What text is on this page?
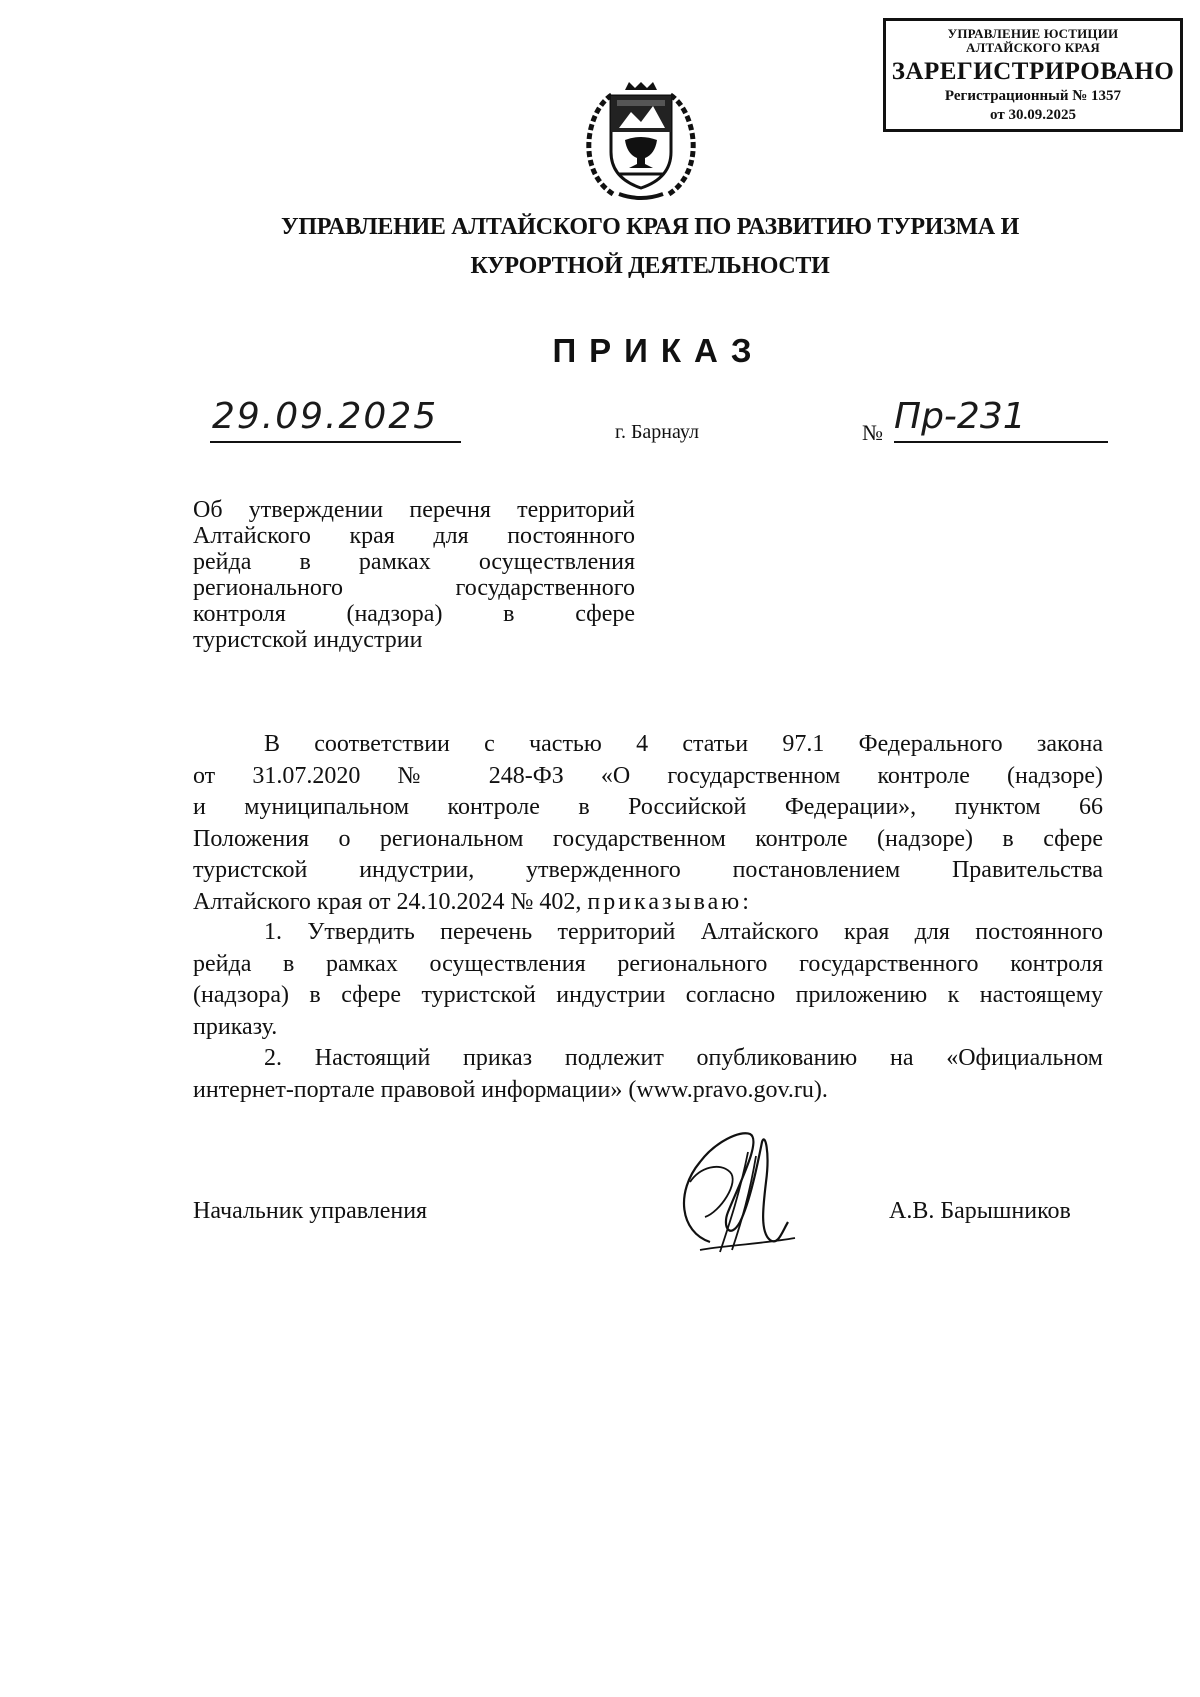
УПРАВЛЕНИЕ ЮСТИЦИИ
АЛТАЙСКОГО КРАЯ
ЗАРЕГИСТРИРОВАНО
Регистрационный № 1357
от 30.09.2025
УПРАВЛЕНИЕ АЛТАЙСКОГО КРАЯ ПО РАЗВИТИЮ ТУРИЗМА И
КУРОРТНОЙ ДЕЯТЕЛЬНОСТИ
ПРИКАЗ
29.09.2025	г. Барнаул	№ Пр-231
Об утверждении перечня территорий
Алтайского края для постоянного
рейда в рамках осуществления
регионального государственного
контроля (надзора) в сфере
туристской индустрии
В соответствии с частью 4 статьи 97.1 Федерального закона
от 31.07.2020 № 248-ФЗ «О государственном контроле (надзоре)
и муниципальном контроле в Российской Федерации», пунктом 66
Положения о региональном государственном контроле (надзоре) в сфере
туристской индустрии, утвержденного постановлением Правительства
Алтайского края от 24.10.2024 № 402, приказываю:
1. Утвердить перечень территорий Алтайского края для постоянного
рейда в рамках осуществления регионального государственного контроля
(надзора) в сфере туристской индустрии согласно приложению к настоящему
приказу.
2. Настоящий приказ подлежит опубликованию на «Официальном
интернет-портале правовой информации» (www.pravo.gov.ru).
Начальник управления	А.В. Барышников
